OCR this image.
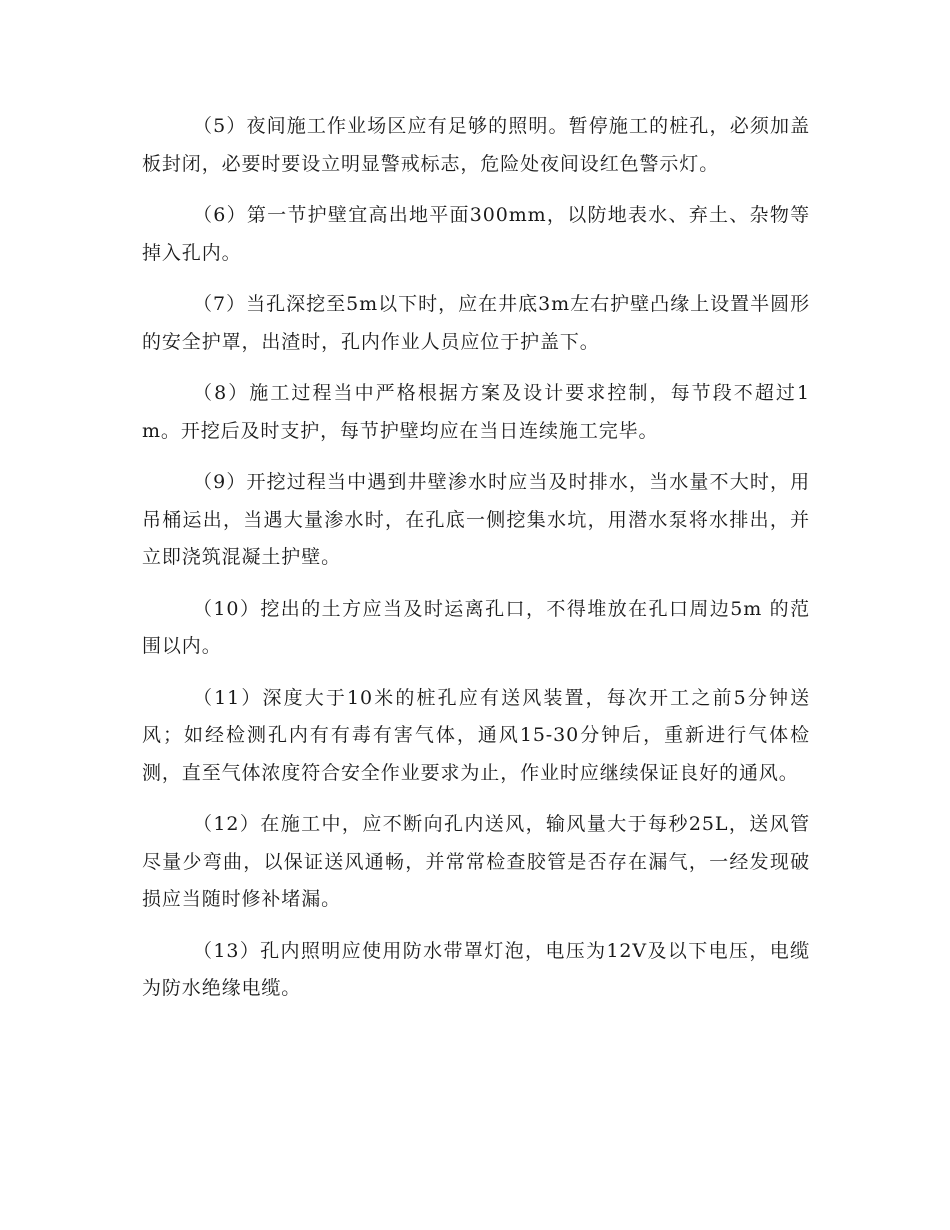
（5）夜间施工作业场区应有足够的照明。暂停施工的桩孔，必须加盖板封闭，必要时要设立明显警戒标志，危险处夜间设红色警示灯。

（6）第一节护壁宜高出地平面300mm，以防地表水、弃土、杂物等掉入孔内。

（7）当孔深挖至5m以下时，应在井底3m左右护壁凸缘上设置半圆形的安全护罩，出渣时，孔内作业人员应位于护盖下。

（8）施工过程当中严格根据方案及设计要求控制，每节段不超过1m。开挖后及时支护，每节护壁均应在当日连续施工完毕。

（9）开挖过程当中遇到井壁渗水时应当及时排水，当水量不大时，用吊桶运出，当遇大量渗水时，在孔底一侧挖集水坑，用潜水泵将水排出，并立即浇筑混凝土护壁。

（10）挖出的土方应当及时运离孔口，不得堆放在孔口周边5m 的范围以内。

（11）深度大于10米的桩孔应有送风装置，每次开工之前5分钟送风；如经检测孔内有有毒有害气体，通风15-30分钟后，重新进行气体检测，直至气体浓度符合安全作业要求为止，作业时应继续保证良好的通风。

（12）在施工中，应不断向孔内送风，输风量大于每秒25L，送风管尽量少弯曲，以保证送风通畅，并常常检查胶管是否存在漏气，一经发现破损应当随时修补堵漏。

（13）孔内照明应使用防水带罩灯泡，电压为12V及以下电压，电缆为防水绝缘电缆。
